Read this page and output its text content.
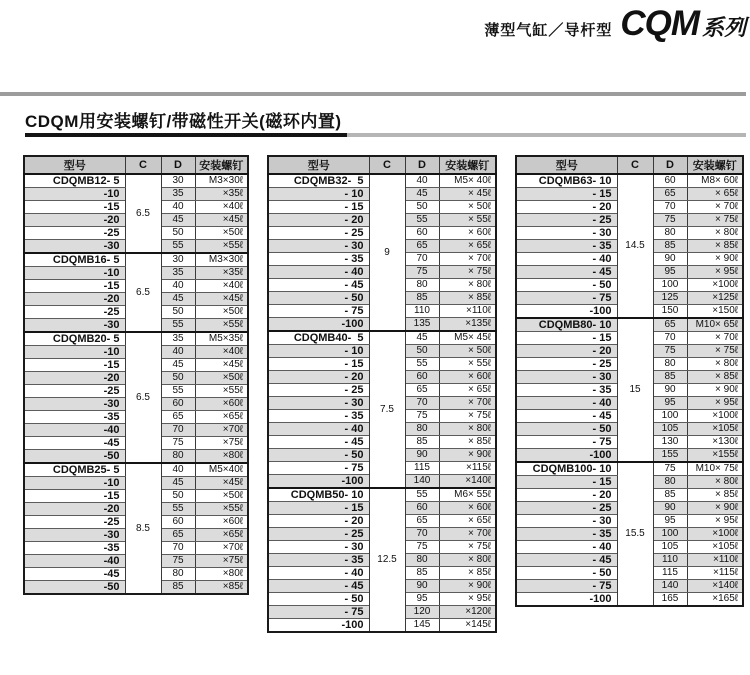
薄型气缸／导杆型 CQM 系列
CDQM用安装螺钉/带磁性开关(磁环内置)
型号	C	D	安装螺钉
CDQMB12- 5	6.5	30	M3×30ℓ
-10		35	×35ℓ
-15		40	×40ℓ
-20		45	×45ℓ
-25		50	×50ℓ
-30		55	×55ℓ
CDQMB16- 5	6.5	30	M3×30ℓ
-10		35	×35ℓ
-15		40	×40ℓ
-20		45	×45ℓ
-25		50	×50ℓ
-30		55	×55ℓ
CDQMB20- 5	6.5	35	M5×35ℓ
-10		40	×40ℓ
-15		45	×45ℓ
-20		50	×50ℓ
-25		55	×55ℓ
-30		60	×60ℓ
-35		65	×65ℓ
-40		70	×70ℓ
-45		75	×75ℓ
-50		80	×80ℓ
CDQMB25- 5	8.5	40	M5×40ℓ
-10		45	×45ℓ
-15		50	×50ℓ
-20		55	×55ℓ
-25		60	×60ℓ
-30		65	×65ℓ
-35		70	×70ℓ
-40		75	×75ℓ
-45		80	×80ℓ
-50		85	×85ℓ
型号	C	D	安装螺钉
CDQMB32-  5	9	40	M5× 40ℓ
- 10		45	× 45ℓ
- 15		50	× 50ℓ
- 20		55	× 55ℓ
- 25		60	× 60ℓ
- 30		65	× 65ℓ
- 35		70	× 70ℓ
- 40		75	× 75ℓ
- 45		80	× 80ℓ
- 50		85	× 85ℓ
- 75		110	×110ℓ
-100		135	×135ℓ
CDQMB40-  5	7.5	45	M5× 45ℓ
- 10		50	× 50ℓ
- 15		55	× 55ℓ
- 20		60	× 60ℓ
- 25		65	× 65ℓ
- 30		70	× 70ℓ
- 35		75	× 75ℓ
- 40		80	× 80ℓ
- 45		85	× 85ℓ
- 50		90	× 90ℓ
- 75		115	×115ℓ
-100		140	×140ℓ
CDQMB50- 10	12.5	55	M6× 55ℓ
- 15		60	× 60ℓ
- 20		65	× 65ℓ
- 25		70	× 70ℓ
- 30		75	× 75ℓ
- 35		80	× 80ℓ
- 40		85	× 85ℓ
- 45		90	× 90ℓ
- 50		95	× 95ℓ
- 75		120	×120ℓ
-100		145	×145ℓ
型号	C	D	安装螺钉
CDQMB63- 10	14.5	60	M8× 60ℓ
- 15		65	× 65ℓ
- 20		70	× 70ℓ
- 25		75	× 75ℓ
- 30		80	× 80ℓ
- 35		85	× 85ℓ
- 40		90	× 90ℓ
- 45		95	× 95ℓ
- 50		100	×100ℓ
- 75		125	×125ℓ
-100		150	×150ℓ
CDQMB80- 10	15	65	M10× 65ℓ
- 15		70	× 70ℓ
- 20		75	× 75ℓ
- 25		80	× 80ℓ
- 30		85	× 85ℓ
- 35		90	× 90ℓ
- 40		95	× 95ℓ
- 45		100	×100ℓ
- 50		105	×105ℓ
- 75		130	×130ℓ
-100		155	×155ℓ
CDQMB100- 10	15.5	75	M10× 75ℓ
- 15		80	× 80ℓ
- 20		85	× 85ℓ
- 25		90	× 90ℓ
- 30		95	× 95ℓ
- 35		100	×100ℓ
- 40		105	×105ℓ
- 45		110	×110ℓ
- 50		115	×115ℓ
- 75		140	×140ℓ
-100		165	×165ℓ
